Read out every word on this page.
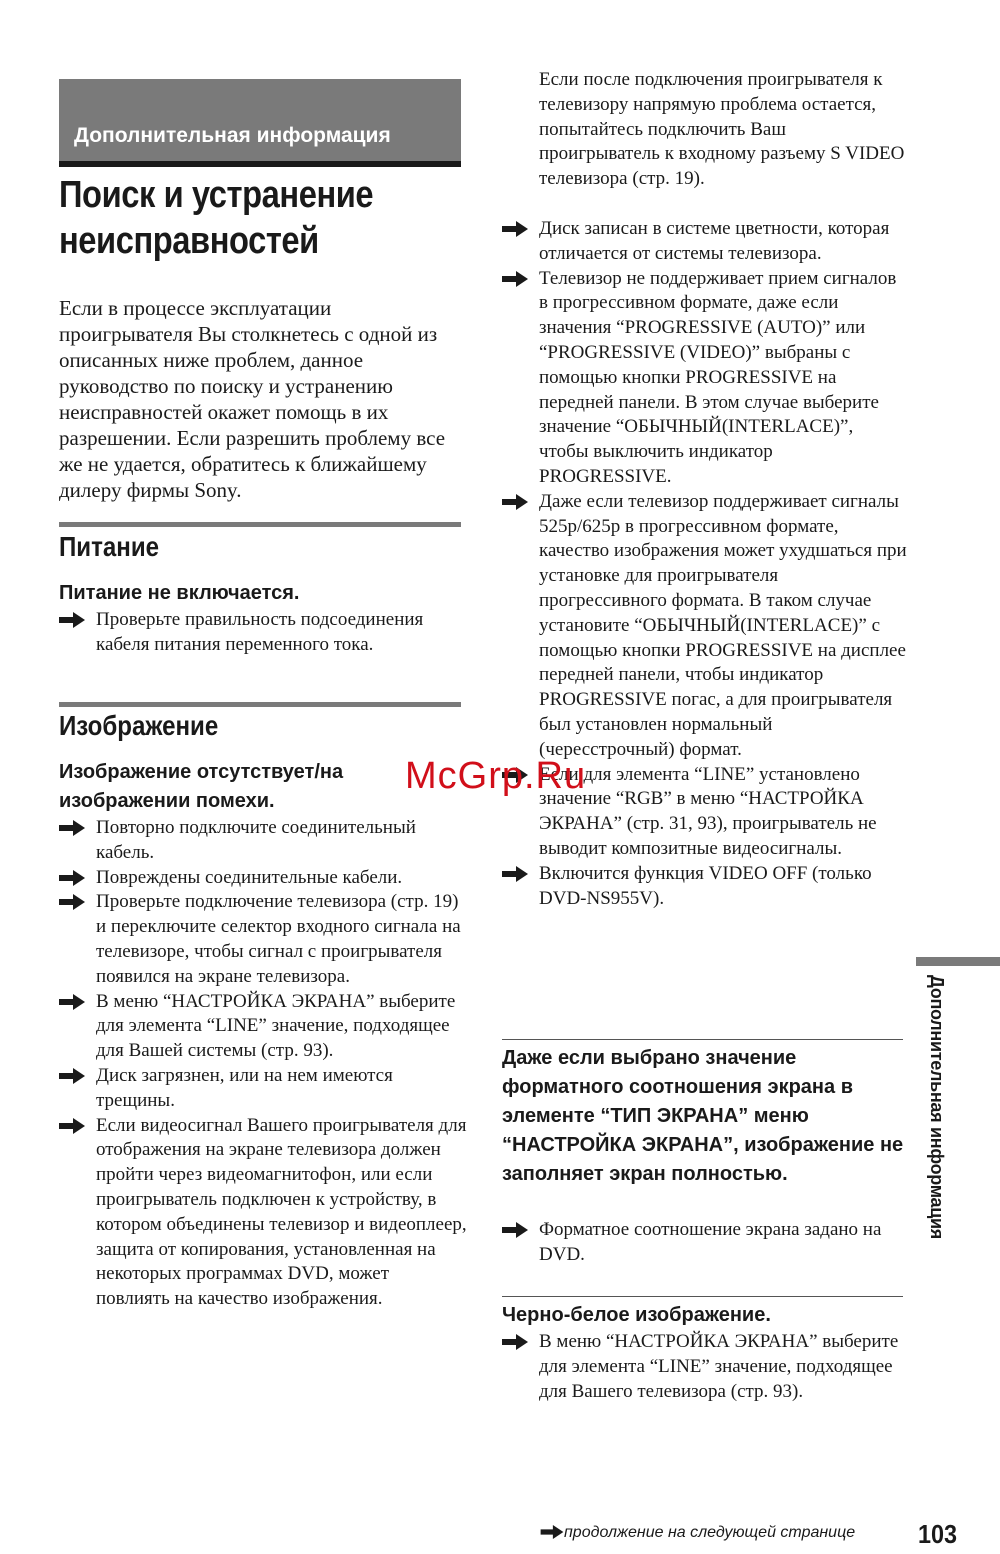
Дополнительная информация
Поиск и устранение
неисправностей

Если в процессе эксплуатации проигрывателя Вы столкнетесь с одной из описанных ниже проблем, данное руководство по поиску и устранению неисправностей окажет помощь в их разрешении. Если разрешить проблему все же не удается, обратитесь к ближайшему дилеру фирмы Sony.

Питание

Питание не включается.

Проверьте правильность подсоединения кабеля питания переменного тока.
Изображение

Изображение отсутствует/на
изображении помехи.

Повторно подключите соединительный кабель.
Повреждены соединительные кабели.
Проверьте подключение телевизора (стр. 19) и переключите селектор входного сигнала на телевизоре, чтобы сигнал с проигрывателя появился на экране телевизора.
В меню “НАСТРОЙКА ЭКРАНА” выберите для элемента “LINE” значение, подходящее для Вашей системы (стр. 93).
Диск загрязнен, или на нем имеются трещины.
Если видеосигнал Вашего проигрывателя для отображения на экране телевизора должен пройти через видеомагнитофон, или если проигрыватель подключен к устройству, в котором объединены телевизор и видеоплеер, защита от копирования, установленная на некоторых программах DVD, может повлиять на качество изображения.

Если после подключения проигрывателя к телевизору напрямую проблема остается, попытайтесь подключить Ваш проигрыватель к входному разъему S VIDEO телевизора (стр. 19).

Диск записан в системе цветности, которая отличается от системы телевизора.
Телевизор не поддерживает прием сигналов в прогрессивном формате, даже если значения “PROGRESSIVE (AUTO)” или “PROGRESSIVE (VIDEO)” выбраны с помощью кнопки PROGRESSIVE на передней панели. В этом случае выберите значение “ОБЫЧНЫЙ(INTERLACE)”, чтобы выключить индикатор PROGRESSIVE.
Даже если телевизор поддерживает сигналы 525p/625p в прогрессивном формате, качество изображения может ухудшаться при установке для проигрывателя прогрессивного формата. В таком случае установите “ОБЫЧНЫЙ(INTERLACE)” с помощью кнопки PROGRESSIVE на дисплее передней панели, чтобы индикатор PROGRESSIVE погас, а для проигрывателя был установлен нормальный (чересстрочный) формат.
Если для элемента “LINE” установлено значение “RGB” в меню “НАСТРОЙКА ЭКРАНА” (стр. 31, 93), проигрыватель не выводит композитные видеосигналы.
Включится функция VIDEO OFF (только DVD-NS955V).

Даже если выбрано значение форматного соотношения экрана в элементе “ТИП ЭКРАНА” меню “НАСТРОЙКА ЭКРАНА”, изображение не заполняет экран полностью.

Форматное соотношение экрана задано на DVD.

Черно-белое изображение.

В меню “НАСТРОЙКА ЭКРАНА” выберите для элемента “LINE” значение, подходящее для Вашего телевизора (стр. 93).
Дополнительная информация
McGrp.Ru
продолжение на следующей странице 103
